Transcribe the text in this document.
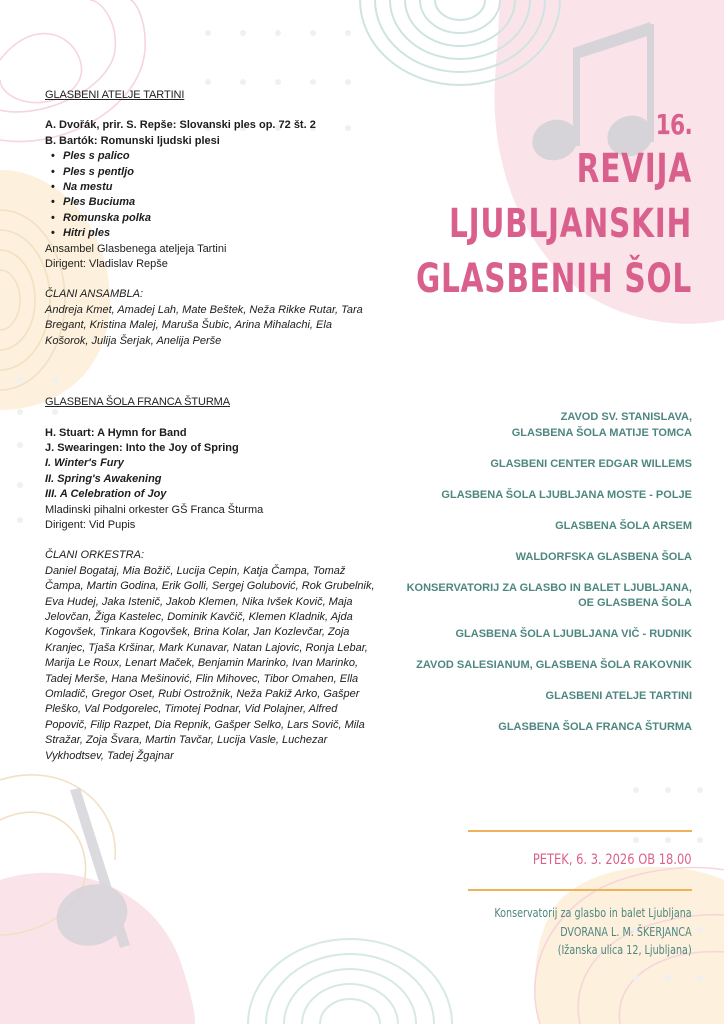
GLASBENI ATELJE TARTINI
A. Dvořák, prir. S. Repše: Slovanski ples op. 72 št. 2
B. Bartók: Romunski ljudski plesi
• Ples s palico
• Ples s pentljo
• Na mestu
• Ples Buciuma
• Romunska polka
• Hitri ples
Ansambel Glasbenega ateljeja Tartini
Dirigent: Vladislav Repše
ČLANI ANSAMBLA:
Andreja Kmet, Amadej Lah, Mate Beštek, Neža Rikke Rutar, Tara Bregant, Kristina Malej, Maruša Šubic, Arina Mihalachi, Ela Košorok, Julija Šerjak, Anelija Perše
GLASBENA ŠOLA FRANCA ŠTURMA
H. Stuart: A Hymn for Band
J. Swearingen: Into the Joy of Spring
I. Winter's Fury
II. Spring's Awakening
III. A Celebration of Joy
Mladinski pihalni orkester GŠ Franca Šturma
Dirigent: Vid Pupis
ČLANI ORKESTRA:
Daniel Bogataj, Mia Božič, Lucija Cepin, Katja Čampa, Tomaž Čampa, Martin Godina, Erik Golli, Sergej Golubović, Rok Grubelnik, Eva Hudej, Jaka Istenič, Jakob Klemen, Nika Ivšek Kovič, Maja Jelovčan, Žiga Kastelec, Dominik Kavčič, Klemen Kladnik, Ajda Kogovšek, Tinkara Kogovšek, Brina Kolar, Jan Kozlevčar, Zoja Kranjec, Tjaša Kršinar, Mark Kunavar, Natan Lajovic, Ronja Lebar, Marija Le Roux, Lenart Maček, Benjamin Marinko, Ivan Marinko, Tadej Merše, Hana Mešinović, Flin Mihovec, Tibor Omahen, Ella Omladič, Gregor Oset, Rubi Ostrožnik, Neža Pakiž Arko, Gašper Pleško, Val Podgorelec, Timotej Podnar, Vid Polajner, Alfred Popovič, Filip Razpet, Dia Repnik, Gašper Selko, Lars Sovič, Mila Stražar, Zoja Švara, Martin Tavčar, Lucija Vasle, Luchezar Vykhodtsev, Tadej Žgajnar
16.
REVIJA
LJUBLJANSKIH
GLASBENIH ŠOL
ZAVOD SV. STANISLAVA,
GLASBENA ŠOLA MATIJE TOMCA
GLASBENI CENTER EDGAR WILLEMS
GLASBENA ŠOLA LJUBLJANA MOSTE - POLJE
GLASBENA ŠOLA ARSEM
WALDORFSKA GLASBENA ŠOLA
KONSERVATORIJ ZA GLASBO IN BALET LJUBLJANA,
OE GLASBENA ŠOLA
GLASBENA ŠOLA LJUBLJANA VIČ - RUDNIK
ZAVOD SALESIANUM, GLASBENA ŠOLA RAKOVNIK
GLASBENI ATELJE TARTINI
GLASBENA ŠOLA FRANCA ŠTURMA
PETEK, 6. 3. 2026 OB 18.00
Konservatorij za glasbo in balet Ljubljana
DVORANA L. M. ŠKERJANCA
(Ižanska ulica 12, Ljubljana)
